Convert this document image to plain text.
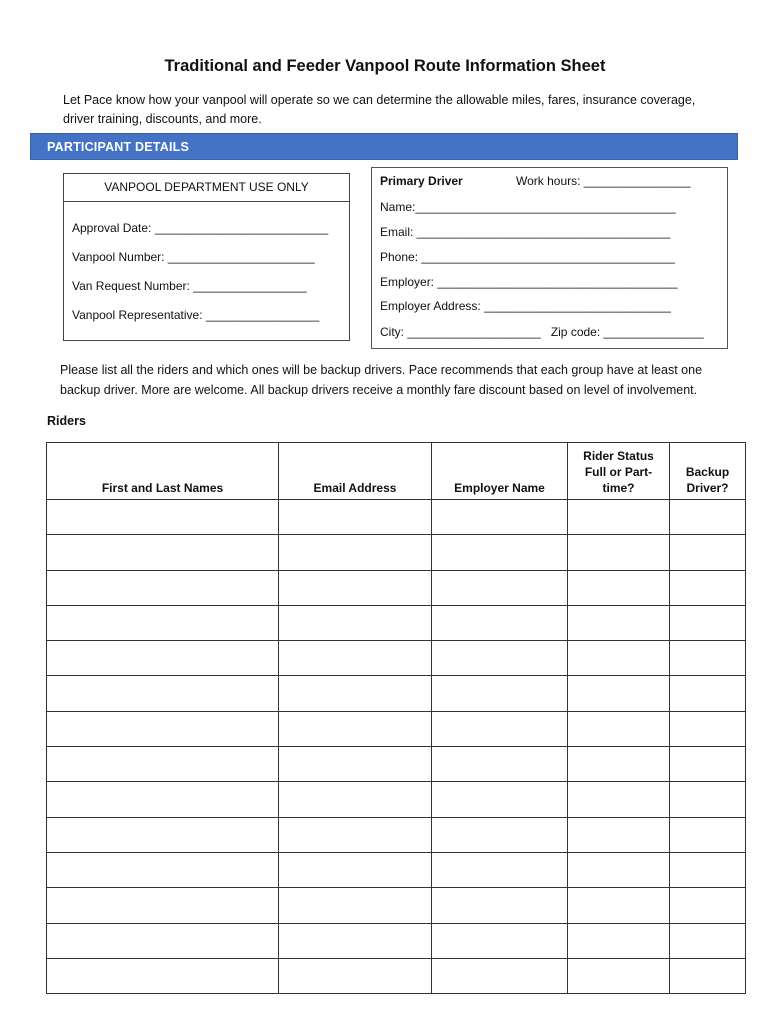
Traditional and Feeder Vanpool Route Information Sheet
Let Pace know how your vanpool will operate so we can determine the allowable miles, fares, insurance coverage, driver training, discounts, and more.
PARTICIPANT DETAILS
VANPOOL DEPARTMENT USE ONLY
Approval Date: __________________________
Vanpool Number: ______________________
Van Request Number: _________________
Vanpool Representative: _________________
Primary Driver	Work hours: ________________
Name:_______________________________________
Email: ______________________________________
Phone: ______________________________________
Employer: ____________________________________
Employer Address: ____________________________
City: ____________________   Zip code: _______________
Please list all the riders and which ones will be backup drivers. Pace recommends that each group have at least one backup driver. More are welcome. All backup drivers receive a monthly fare discount based on level of involvement.
Riders
First and Last Names	Email Address	Employer Name	Rider Status Full or Part-time?	Backup Driver?
